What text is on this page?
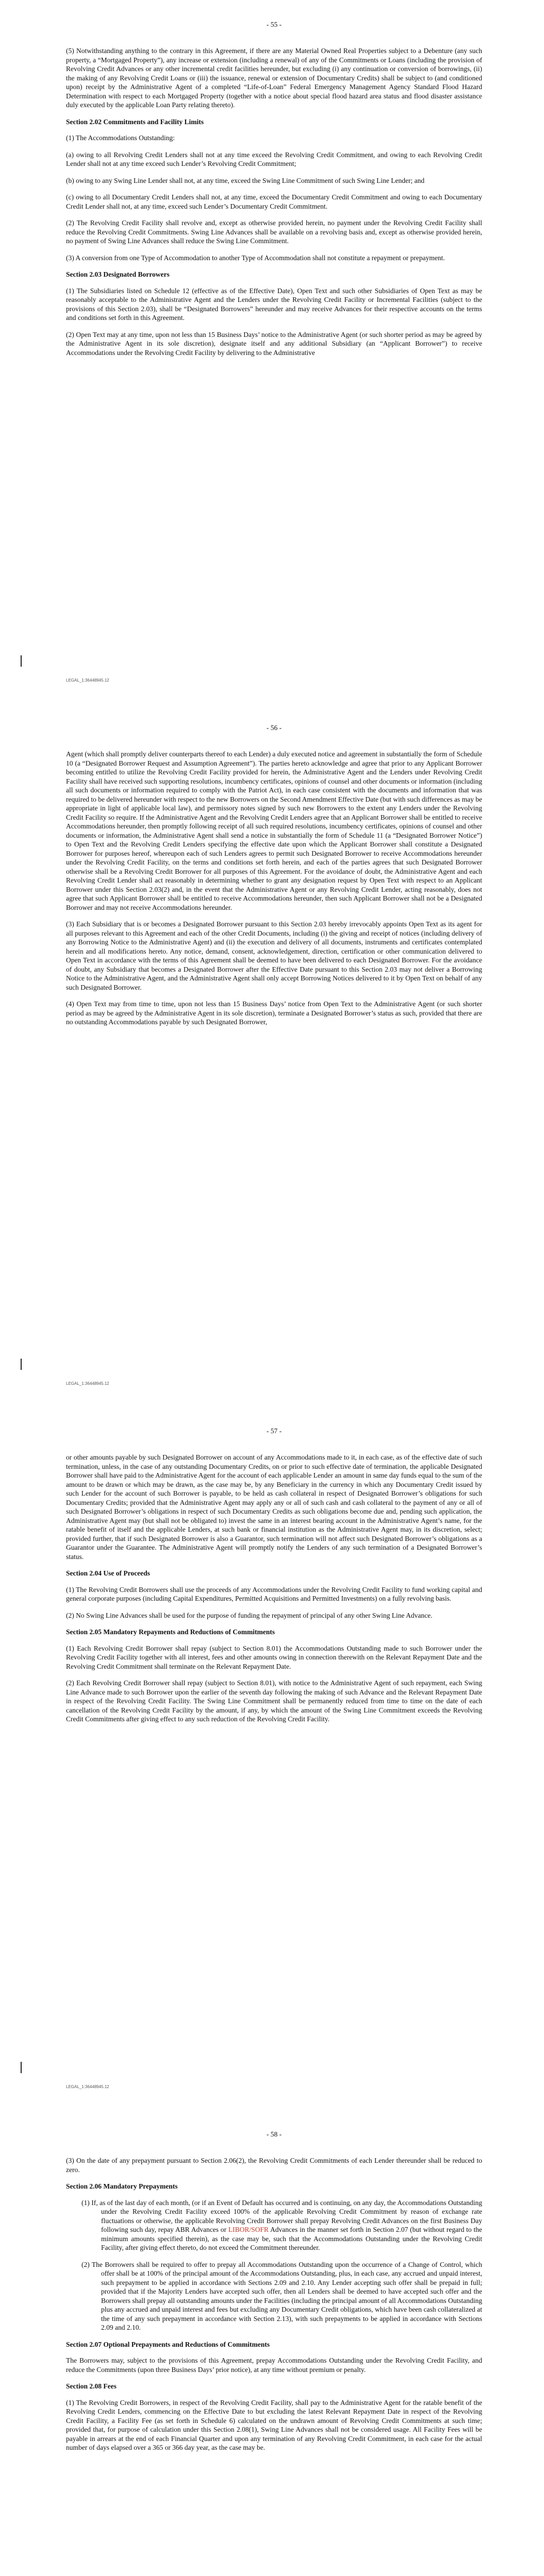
- 55 -

(5) Notwithstanding anything to the contrary in this Agreement, if there are any Material Owned Real Properties subject to a Debenture (any such property, a “Mortgaged Property”), any increase or extension (including a renewal) of any of the Commitments or Loans (including the provision of Revolving Credit Advances or any other incremental credit facilities hereunder, but excluding (i) any continuation or conversion of borrowings, (ii) the making of any Revolving Credit Loans or (iii) the issuance, renewal or extension of Documentary Credits) shall be subject to (and conditioned upon) receipt by the Administrative Agent of a completed “Life-of-Loan” Federal Emergency Management Agency Standard Flood Hazard Determination with respect to each Mortgaged Property (together with a notice about special flood hazard area status and flood disaster assistance duly executed by the applicable Loan Party relating thereto).

Section 2.02 Commitments and Facility Limits

(1) The Accommodations Outstanding:

(a) owing to all Revolving Credit Lenders shall not at any time exceed the Revolving Credit Commitment, and owing to each Revolving Credit Lender shall not at any time exceed such Lender’s Revolving Credit Commitment;

(b) owing to any Swing Line Lender shall not, at any time, exceed the Swing Line Commitment of such Swing Line Lender; and

(c) owing to all Documentary Credit Lenders shall not, at any time, exceed the Documentary Credit Commitment and owing to each Documentary Credit Lender shall not, at any time, exceed such Lender’s Documentary Credit Commitment.

(2) The Revolving Credit Facility shall revolve and, except as otherwise provided herein, no payment under the Revolving Credit Facility shall reduce the Revolving Credit Commitments. Swing Line Advances shall be available on a revolving basis and, except as otherwise provided herein, no payment of Swing Line Advances shall reduce the Swing Line Commitment.

(3) A conversion from one Type of Accommodation to another Type of Accommodation shall not constitute a repayment or prepayment.

Section 2.03 Designated Borrowers

(1) The Subsidiaries listed on Schedule 12 (effective as of the Effective Date), Open Text and such other Subsidiaries of Open Text as may be reasonably acceptable to the Administrative Agent and the Lenders under the Revolving Credit Facility or Incremental Facilities (subject to the provisions of this Section 2.03), shall be “Designated Borrowers” hereunder and may receive Advances for their respective accounts on the terms and conditions set forth in this Agreement.

(2) Open Text may at any time, upon not less than 15 Business Days’ notice to the Administrative Agent (or such shorter period as may be agreed by the Administrative Agent in its sole discretion), designate itself and any additional Subsidiary (an “Applicant Borrower”) to receive Accommodations under the Revolving Credit Facility by delivering to the Administrative

LEGAL_1:36448945.12
- 56 -

Agent (which shall promptly deliver counterparts thereof to each Lender) a duly executed notice and agreement in substantially the form of Schedule 10 (a “Designated Borrower Request and Assumption Agreement”). The parties hereto acknowledge and agree that prior to any Applicant Borrower becoming entitled to utilize the Revolving Credit Facility provided for herein, the Administrative Agent and the Lenders under Revolving Credit Facility shall have received such supporting resolutions, incumbency certificates, opinions of counsel and other documents or information (including all such documents or information required to comply with the Patriot Act), in each case consistent with the documents and information that was required to be delivered hereunder with respect to the new Borrowers on the Second Amendment Effective Date (but with such differences as may be appropriate in light of applicable local law), and permissory notes signed by such new Borrowers to the extent any Lenders under the Revolving Credit Facility so require. If the Administrative Agent and the Revolving Credit Lenders agree that an Applicant Borrower shall be entitled to receive Accommodations hereunder, then promptly following receipt of all such required resolutions, incumbency certificates, opinions of counsel and other documents or information, the Administrative Agent shall send a notice in substantially the form of Schedule 11 (a “Designated Borrower Notice”) to Open Text and the Revolving Credit Lenders specifying the effective date upon which the Applicant Borrower shall constitute a Designated Borrower for purposes hereof, whereupon each of such Lenders agrees to permit such Designated Borrower to receive Accommodations hereunder under the Revolving Credit Facility, on the terms and conditions set forth herein, and each of the parties agrees that such Designated Borrower otherwise shall be a Revolving Credit Borrower for all purposes of this Agreement. For the avoidance of doubt, the Administrative Agent and each Revolving Credit Lender shall act reasonably in determining whether to grant any designation request by Open Text with respect to an Applicant Borrower under this Section 2.03(2) and, in the event that the Administrative Agent or any Revolving Credit Lender, acting reasonably, does not agree that such Applicant Borrower shall be entitled to receive Accommodations hereunder, then such Applicant Borrower shall not be a Designated Borrower and may not receive Accommodations hereunder.

(3) Each Subsidiary that is or becomes a Designated Borrower pursuant to this Section 2.03 hereby irrevocably appoints Open Text as its agent for all purposes relevant to this Agreement and each of the other Credit Documents, including (i) the giving and receipt of notices (including delivery of any Borrowing Notice to the Administrative Agent) and (ii) the execution and delivery of all documents, instruments and certificates contemplated herein and all modifications hereto. Any notice, demand, consent, acknowledgement, direction, certification or other communication delivered to Open Text in accordance with the terms of this Agreement shall be deemed to have been delivered to each Designated Borrower. For the avoidance of doubt, any Subsidiary that becomes a Designated Borrower after the Effective Date pursuant to this Section 2.03 may not deliver a Borrowing Notice to the Administrative Agent, and the Administrative Agent shall only accept Borrowing Notices delivered to it by Open Text on behalf of any such Designated Borrower.

(4) Open Text may from time to time, upon not less than 15 Business Days’ notice from Open Text to the Administrative Agent (or such shorter period as may be agreed by the Administrative Agent in its sole discretion), terminate a Designated Borrower’s status as such, provided that there are no outstanding Accommodations payable by such Designated Borrower,

LEGAL_1:36448945.12
- 57 -

or other amounts payable by such Designated Borrower on account of any Accommodations made to it, in each case, as of the effective date of such termination, unless, in the case of any outstanding Documentary Credits, on or prior to such effective date of termination, the applicable Designated Borrower shall have paid to the Administrative Agent for the account of each applicable Lender an amount in same day funds equal to the sum of the amount to be drawn or which may be drawn, as the case may be, by any Beneficiary in the currency in which any Documentary Credit issued by such Lender for the account of such Borrower is payable, to be held as cash collateral in respect of Designated Borrower’s obligations for such Documentary Credits; provided that the Administrative Agent may apply any or all of such cash and cash collateral to the payment of any or all of such Designated Borrower’s obligations in respect of such Documentary Credits as such obligations become due and, pending such application, the Administrative Agent may (but shall not be obligated to) invest the same in an interest bearing account in the Administrative Agent’s name, for the ratable benefit of itself and the applicable Lenders, at such bank or financial institution as the Administrative Agent may, in its discretion, select; provided further, that if such Designated Borrower is also a Guarantor, such termination will not affect such Designated Borrower’s obligations as a Guarantor under the Guarantee. The Administrative Agent will promptly notify the Lenders of any such termination of a Designated Borrower’s status.

Section 2.04 Use of Proceeds

(1) The Revolving Credit Borrowers shall use the proceeds of any Accommodations under the Revolving Credit Facility to fund working capital and general corporate purposes (including Capital Expenditures, Permitted Acquisitions and Permitted Investments) on a fully revolving basis.

(2) No Swing Line Advances shall be used for the purpose of funding the repayment of principal of any other Swing Line Advance.

Section 2.05 Mandatory Repayments and Reductions of Commitments

(1) Each Revolving Credit Borrower shall repay (subject to Section 8.01) the Accommodations Outstanding made to such Borrower under the Revolving Credit Facility together with all interest, fees and other amounts owing in connection therewith on the Relevant Repayment Date and the Revolving Credit Commitment shall terminate on the Relevant Repayment Date.

(2) Each Revolving Credit Borrower shall repay (subject to Section 8.01), with notice to the Administrative Agent of such repayment, each Swing Line Advance made to such Borrower upon the earlier of the seventh day following the making of such Advance and the Relevant Repayment Date in respect of the Revolving Credit Facility. The Swing Line Commitment shall be permanently reduced from time to time on the date of each cancellation of the Revolving Credit Facility by the amount, if any, by which the amount of the Swing Line Commitment exceeds the Revolving Credit Commitments after giving effect to any such reduction of the Revolving Credit Facility.

LEGAL_1:36448945.12
- 58 -

(3) On the date of any prepayment pursuant to Section 2.06(2), the Revolving Credit Commitments of each Lender thereunder shall be reduced to zero.

Section 2.06 Mandatory Prepayments

(1) If, as of the last day of each month, (or if an Event of Default has occurred and is continuing, on any day, the Accommodations Outstanding under the Revolving Credit Facility exceed 100% of the applicable Revolving Credit Commitment by reason of exchange rate fluctuations or otherwise, the applicable Revolving Credit Borrower shall prepay Revolving Credit Advances on the first Business Day following such day, repay ABR Advances or LIBOR/SOFR Advances in the manner set forth in Section 2.07 (but without regard to the minimum amounts specified therein), as the case may be, such that the Accommodations Outstanding under the Revolving Credit Facility, after giving effect thereto, do not exceed the Commitment thereunder.

(2) The Borrowers shall be required to offer to prepay all Accommodations Outstanding upon the occurrence of a Change of Control, which offer shall be at 100% of the principal amount of the Accommodations Outstanding, plus, in each case, any accrued and unpaid interest, such prepayment to be applied in accordance with Sections 2.09 and 2.10. Any Lender accepting such offer shall be prepaid in full; provided that if the Majority Lenders have accepted such offer, then all Lenders shall be deemed to have accepted such offer and the Borrowers shall prepay all outstanding amounts under the Facilities (including the principal amount of all Accommodations Outstanding plus any accrued and unpaid interest and fees but excluding any Documentary Credit obligations, which have been cash collateralized at the time of any such prepayment in accordance with Section 2.13), with such prepayments to be applied in accordance with Sections 2.09 and 2.10.

Section 2.07 Optional Prepayments and Reductions of Commitments

The Borrowers may, subject to the provisions of this Agreement, prepay Accommodations Outstanding under the Revolving Credit Facility, and reduce the Commitments (upon three Business Days’ prior notice), at any time without premium or penalty.

Section 2.08 Fees

(1) The Revolving Credit Borrowers, in respect of the Revolving Credit Facility, shall pay to the Administrative Agent for the ratable benefit of the Revolving Credit Lenders, commencing on the Effective Date to but excluding the latest Relevant Repayment Date in respect of the Revolving Credit Facility, a Facility Fee (as set forth in Schedule 6) calculated on the undrawn amount of Revolving Credit Commitments at such time; provided that, for purpose of calculation under this Section 2.08(1), Swing Line Advances shall not be considered usage. All Facility Fees will be payable in arrears at the end of each Financial Quarter and upon any termination of any Revolving Credit Commitment, in each case for the actual number of days elapsed over a 365 or 366 day year, as the case may be.
